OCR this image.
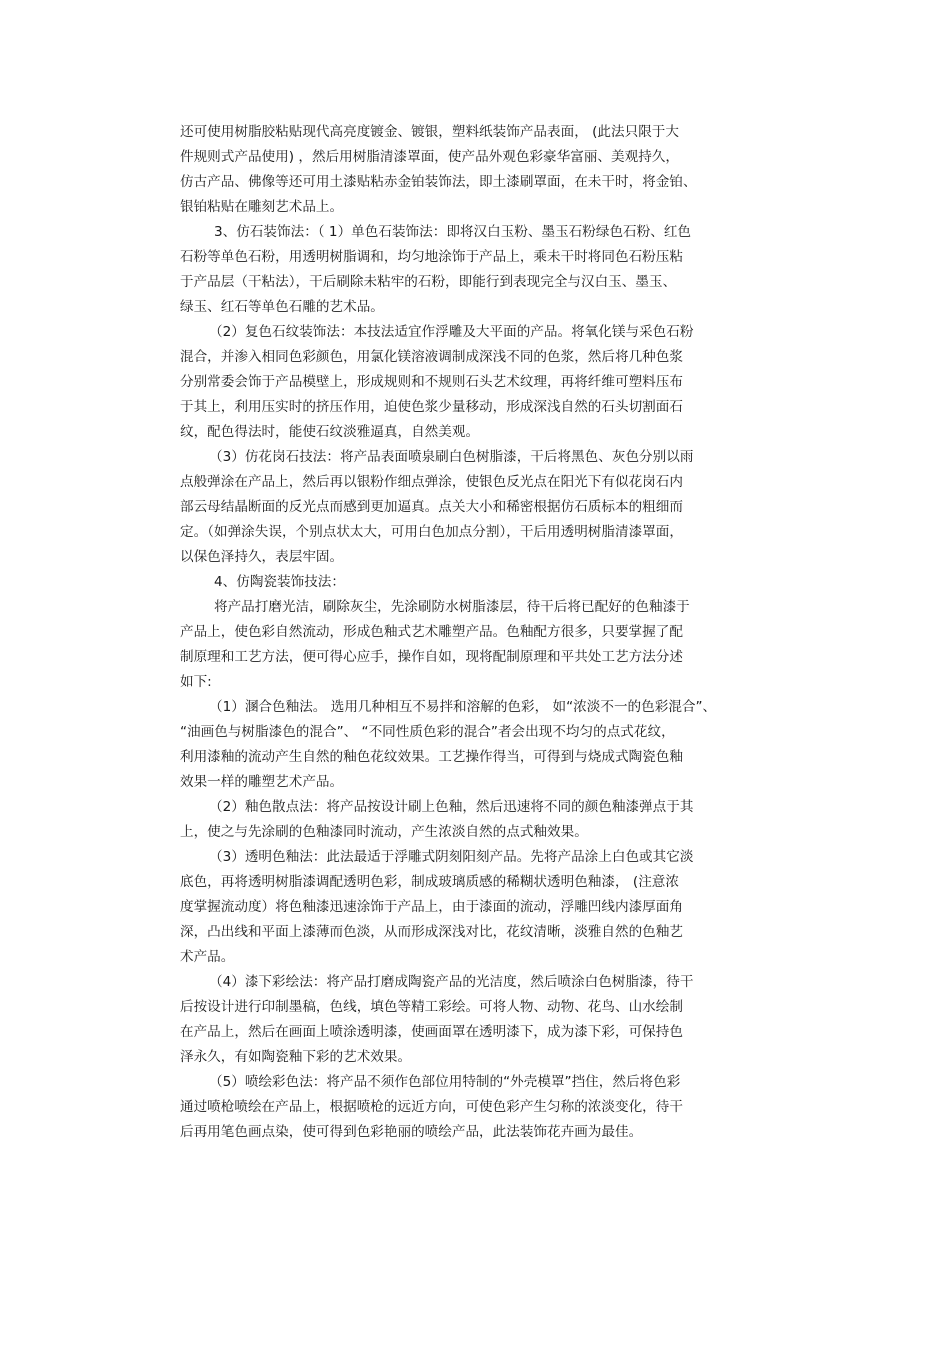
还可使用树脂胶粘贴现代高亮度镀金、镀银，塑料纸装饰产品表面， (此法只限于大
件规则式产品使用) ，然后用树脂清漆罩面，使产品外观色彩豪华富丽、美观持久，
仿古产品、佛像等还可用土漆贴粘赤金铂装饰法，即土漆刷罩面，在未干时，将金铂、
银铂粘贴在雕刻艺术品上。
3、仿石装饰法：（ 1）单色石装饰法：即将汉白玉粉、墨玉石粉绿色石粉、红色
石粉等单色石粉，用透明树脂调和，均匀地涂饰于产品上，乘未干时将同色石粉压粘
于产品层（干粘法），干后刷除未粘牢的石粉，即能行到表现完全与汉白玉、墨玉、
绿玉、红石等单色石雕的艺术品。
（2）复色石纹装饰法：本技法适宜作浮雕及大平面的产品。将氧化镁与采色石粉
混合，并渗入相同色彩颜色，用氯化镁溶液调制成深浅不同的色浆，然后将几种色浆
分别常委会饰于产品模壁上，形成规则和不规则石头艺术纹理，再将纤维可塑料压布
于其上，利用压实时的挤压作用，迫使色浆少量移动，形成深浅自然的石头切割面石
纹，配色得法时，能使石纹淡雅逼真，自然美观。
（3）仿花岗石技法：将产品表面喷泉刷白色树脂漆，干后将黑色、灰色分别以雨
点般弹涂在产品上，然后再以银粉作细点弹涂，使银色反光点在阳光下有似花岗石内
部云母结晶断面的反光点而感到更加逼真。点关大小和稀密根据仿石质标本的粗细而
定。（如弹涂失误，个别点状太大，可用白色加点分割），干后用透明树脂清漆罩面，
以保色泽持久，表层牢固。
4、仿陶瓷装饰技法：
将产品打磨光洁，刷除灰尘，先涂刷防水树脂漆层，待干后将已配好的色釉漆于
产品上，使色彩自然流动，形成色釉式艺术雕塑产品。色釉配方很多，只要掌握了配
制原理和工艺方法，便可得心应手，操作自如，现将配制原理和平共处工艺方法分述
如下:
（1）溷合色釉法。 选用几种相互不易拌和溶解的色彩， 如“浓淡不一的色彩混合”、
“油画色与树脂漆色的混合”、 “不同性质色彩的混合”者会出现不均匀的点式花纹，
利用漆釉的流动产生自然的釉色花纹效果。工艺操作得当，可得到与烧成式陶瓷色釉
效果一样的雕塑艺术产品。
（2）釉色散点法：将产品按设计刷上色釉，然后迅速将不同的颜色釉漆弹点于其
上，使之与先涂刷的色釉漆同时流动，产生浓淡自然的点式釉效果。
（3）透明色釉法：此法最适于浮雕式阴刻阳刻产品。先将产品涂上白色或其它淡
底色，再将透明树脂漆调配透明色彩，制成玻璃质感的稀糊状透明色釉漆， (注意浓
度掌握流动度）将色釉漆迅速涂饰于产品上，由于漆面的流动，浮雕凹线内漆厚面角
深，凸出线和平面上漆薄而色淡，从而形成深浅对比，花纹清晰，淡雅自然的色釉艺
术产品。
（4）漆下彩绘法：将产品打磨成陶瓷产品的光洁度，然后喷涂白色树脂漆，待干
后按设计进行印制墨稿，色线，填色等精工彩绘。可将人物、动物、花鸟、山水绘制
在产品上，然后在画面上喷涂透明漆，使画面罩在透明漆下，成为漆下彩，可保持色
泽永久，有如陶瓷釉下彩的艺术效果。
（5）喷绘彩色法：将产品不须作色部位用特制的“外壳模罩”挡住，然后将色彩
通过喷枪喷绘在产品上，根据喷枪的远近方向，可使色彩产生匀称的浓淡变化，待干
后再用笔色画点染，使可得到色彩艳丽的喷绘产品，此法装饰花卉画为最佳。
